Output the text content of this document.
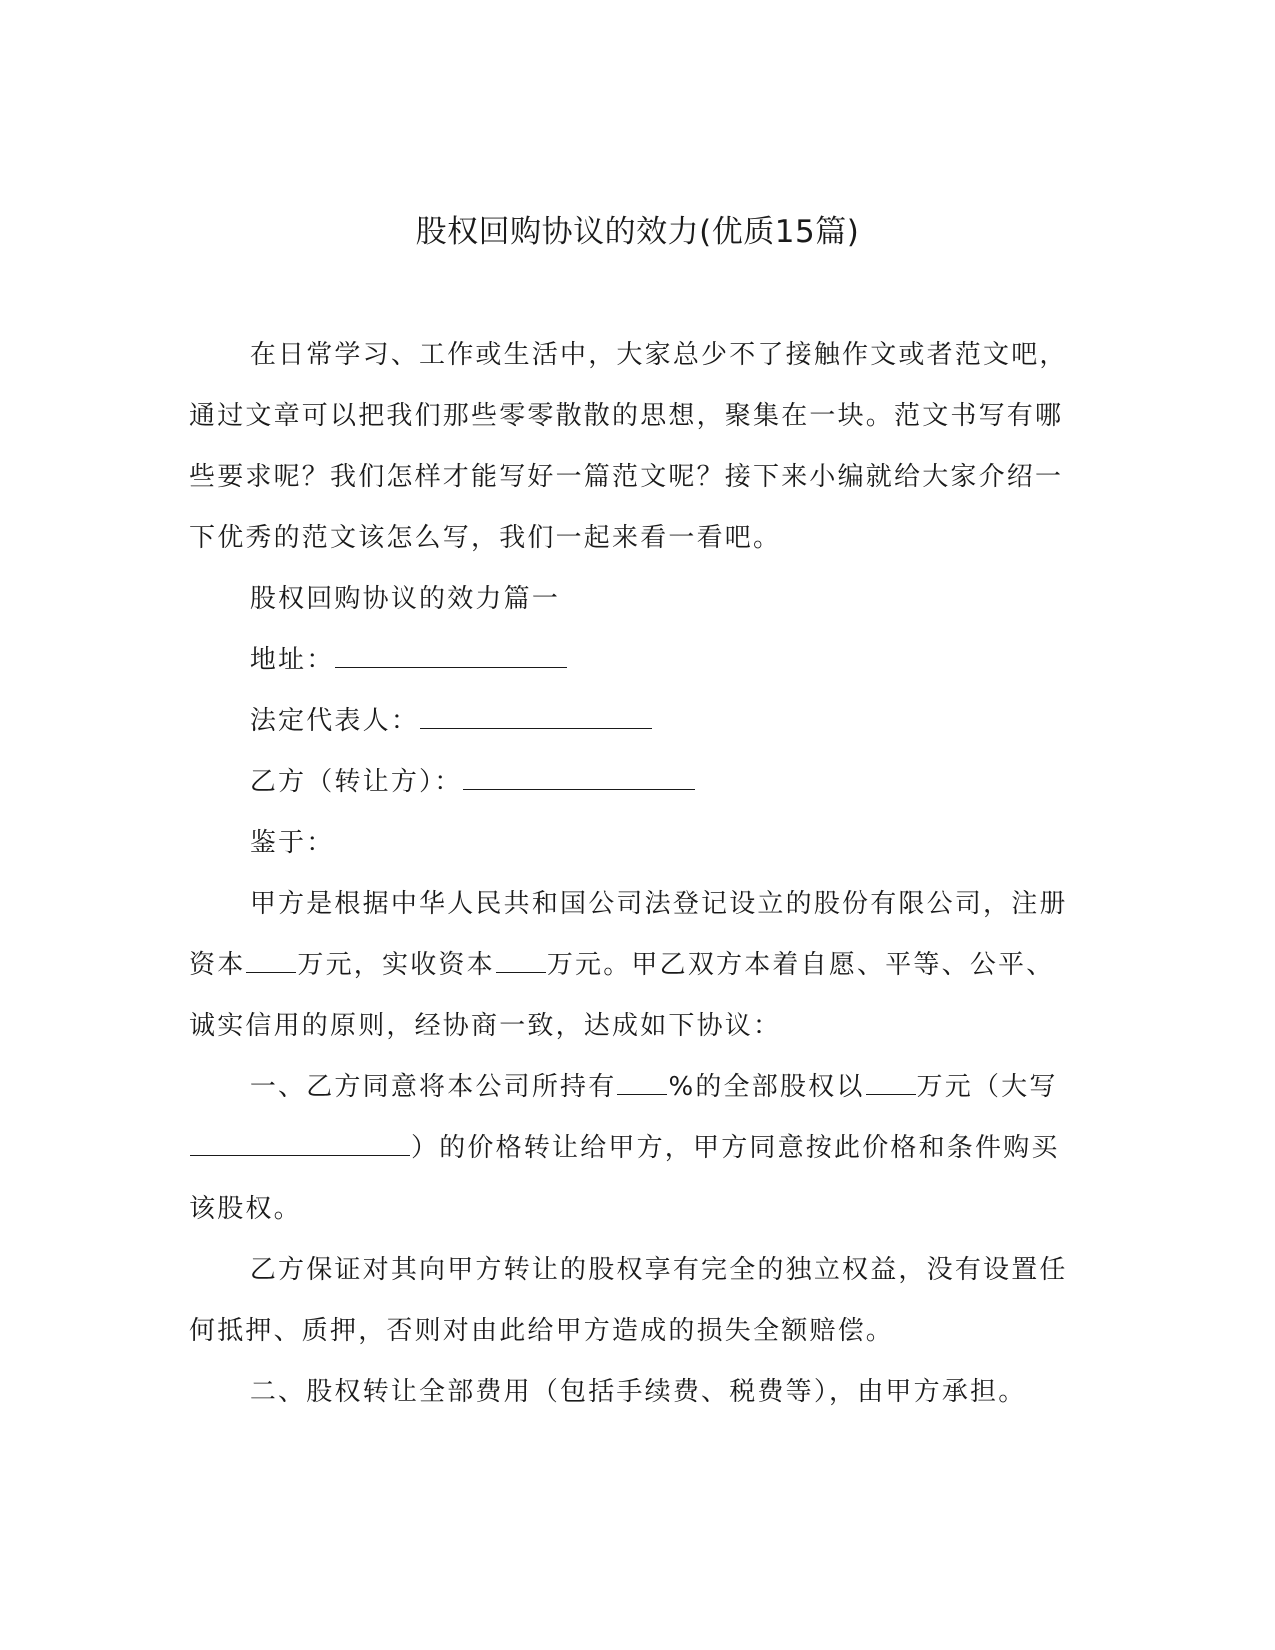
股权回购协议的效力(优质15篇)

在日常学习、工作或生活中，大家总少不了接触作文或者范文吧，通过文章可以把我们那些零零散散的思想，聚集在一块。范文书写有哪些要求呢？我们怎样才能写好一篇范文呢？接下来小编就给大家介绍一下优秀的范文该怎么写，我们一起来看一看吧。

股权回购协议的效力篇一

地址：

法定代表人：

乙方（转让方）：

鉴于：

甲方是根据中华人民共和国公司法登记设立的股份有限公司，注册资本 万元，实收资本 万元。甲乙双方本着自愿、平等、公平、诚实信用的原则，经协商一致，达成如下协议：

一、乙方同意将本公司所持有 %的全部股权以 万元（大写）的价格转让给甲方，甲方同意按此价格和条件购买该股权。

乙方保证对其向甲方转让的股权享有完全的独立权益，没有设置任何抵押、质押，否则对由此给甲方造成的损失全额赔偿。

二、股权转让全部费用（包括手续费、税费等），由甲方承担。
